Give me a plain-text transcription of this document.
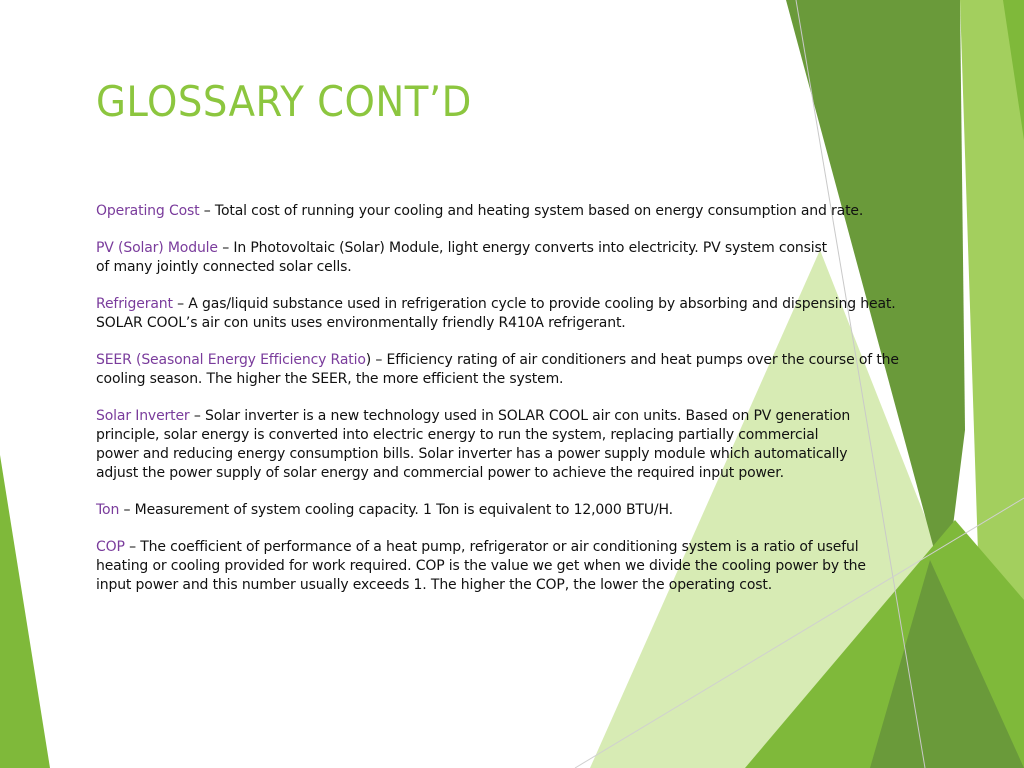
GLOSSARY CONT’D

Operating Cost – Total cost of running your cooling and heating system based on energy consumption and rate.

PV (Solar) Module – In Photovoltaic (Solar) Module, light energy converts into electricity. PV system consist
of many jointly connected solar cells.

Refrigerant – A gas/liquid substance used in refrigeration cycle to provide cooling by absorbing and dispensing heat.
SOLAR COOL’s air con units uses environmentally friendly R410A refrigerant.

SEER (Seasonal Energy Efficiency Ratio) – Efficiency rating of air conditioners and heat pumps over the course of the
cooling season. The higher the SEER, the more efficient the system.

Solar Inverter – Solar inverter is a new technology used in SOLAR COOL air con units. Based on PV generation
principle, solar energy is converted into electric energy to run the system, replacing partially commercial
power and reducing energy consumption bills. Solar inverter has a power supply module which automatically
adjust the power supply of solar energy and commercial power to achieve the required input power.

Ton – Measurement of system cooling capacity. 1 Ton is equivalent to 12,000 BTU/H.

COP – The coefficient of performance of a heat pump, refrigerator or air conditioning system is a ratio of useful
heating or cooling provided for work required. COP is the value we get when we divide the cooling power by the
input power and this number usually exceeds 1. The higher the COP, the lower the operating cost.
